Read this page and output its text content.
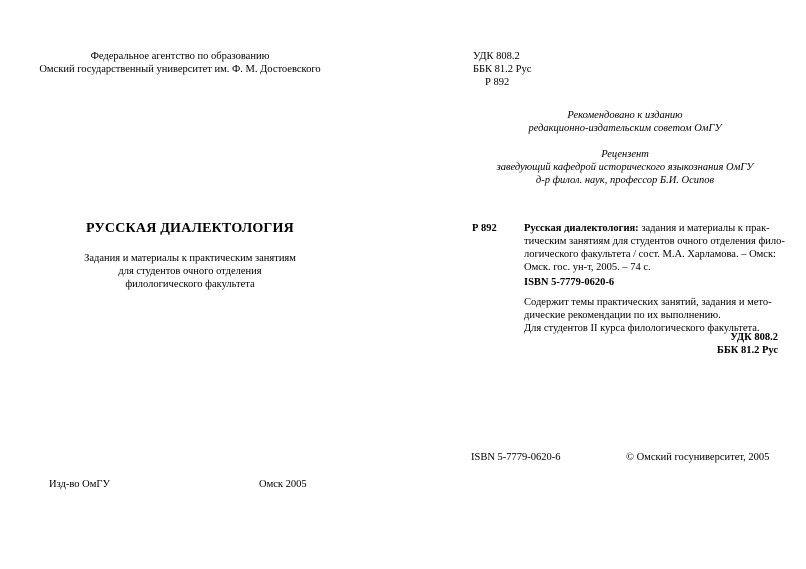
Федеральное агентство по образованию
Омский государственный университет им. Ф. М. Достоевского
РУССКАЯ ДИАЛЕКТОЛОГИЯ
Задания и материалы к практическим занятиям
для студентов очного отделения
филологического факультета
Изд-во ОмГУ	Омск 2005
УДК 808.2
ББК 81.2 Рус
Р 892
Рекомендовано к изданию
редакционно-издательским советом ОмГУ
Рецензент
заведующий кафедрой исторического языкознания ОмГУ
д-р филол. наук, профессор Б.И. Осипов
Р 892	Русская диалектология: задания и материалы к прак-
тическим занятиям для студентов очного отделения фило-
логического факультета / сост. М.А. Харламова. – Омск:
Омск. гос. ун-т, 2005. – 74 с.
ISBN 5-7779-0620-6
Содержит темы практических занятий, задания и мето-
дические рекомендации по их выполнению.
Для студентов II курса филологического факультета.
УДК 808.2
ББК 81.2 Рус
ISBN 5-7779-0620-6	© Омский госуниверситет, 2005
